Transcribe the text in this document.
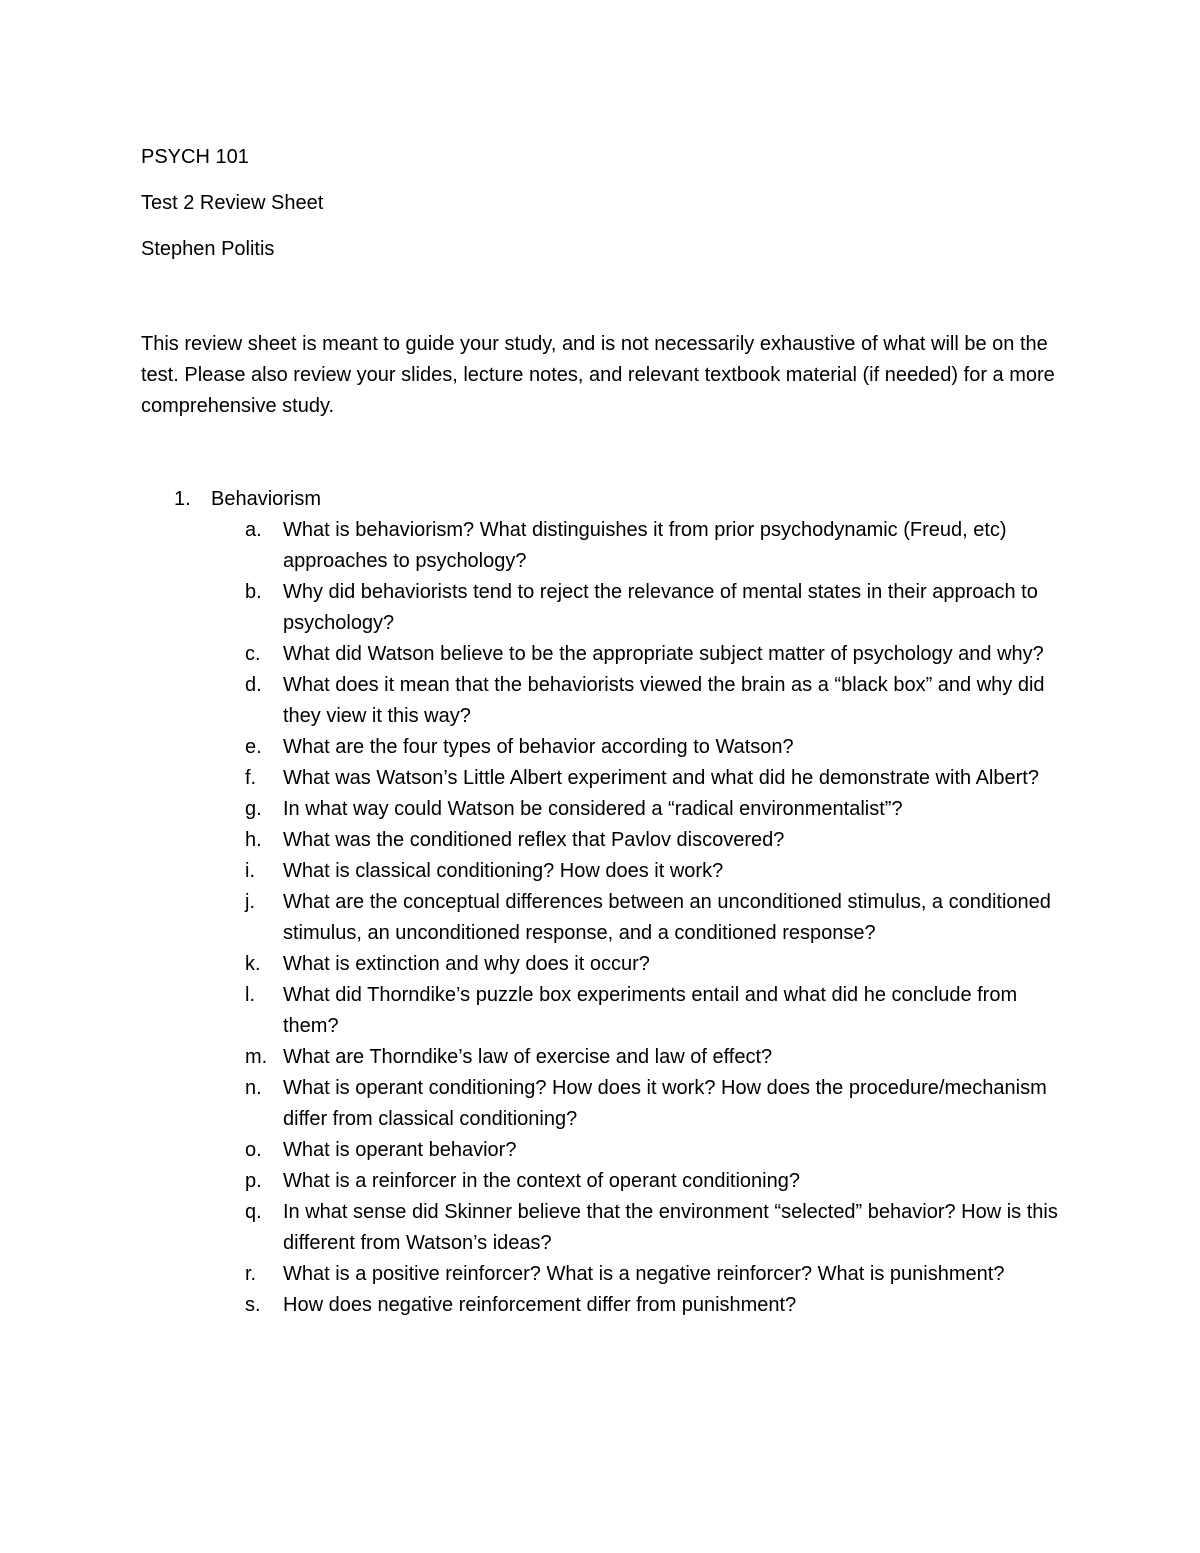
PSYCH 101
Test 2 Review Sheet
Stephen Politis

This review sheet is meant to guide your study, and is not necessarily exhaustive of what will be on the test. Please also review your slides, lecture notes, and relevant textbook material (if needed) for a more comprehensive study.

1. Behaviorism
a.	What is behaviorism? What distinguishes it from prior psychodynamic (Freud, etc) approaches to psychology?
b.	Why did behaviorists tend to reject the relevance of mental states in their approach to psychology?
c.	What did Watson believe to be the appropriate subject matter of psychology and why?
d.	What does it mean that the behaviorists viewed the brain as a “black box” and why did they view it this way?
e.	What are the four types of behavior according to Watson?
f.	What was Watson’s Little Albert experiment and what did he demonstrate with Albert?
g.	In what way could Watson be considered a “radical environmentalist”?
h.	What was the conditioned reflex that Pavlov discovered?
i.	What is classical conditioning? How does it work?
j.	What are the conceptual differences between an unconditioned stimulus, a conditioned stimulus, an unconditioned response, and a conditioned response?
k.	What is extinction and why does it occur?
l.	What did Thorndike’s puzzle box experiments entail and what did he conclude from them?
m. What are Thorndike’s law of exercise and law of effect?
n.	What is operant conditioning? How does it work? How does the procedure/mechanism differ from classical conditioning?
o.	What is operant behavior?
p.	What is a reinforcer in the context of operant conditioning?
q.	In what sense did Skinner believe that the environment “selected” behavior? How is this different from Watson’s ideas?
r.	What is a positive reinforcer? What is a negative reinforcer? What is punishment?
s.	How does negative reinforcement differ from punishment?
